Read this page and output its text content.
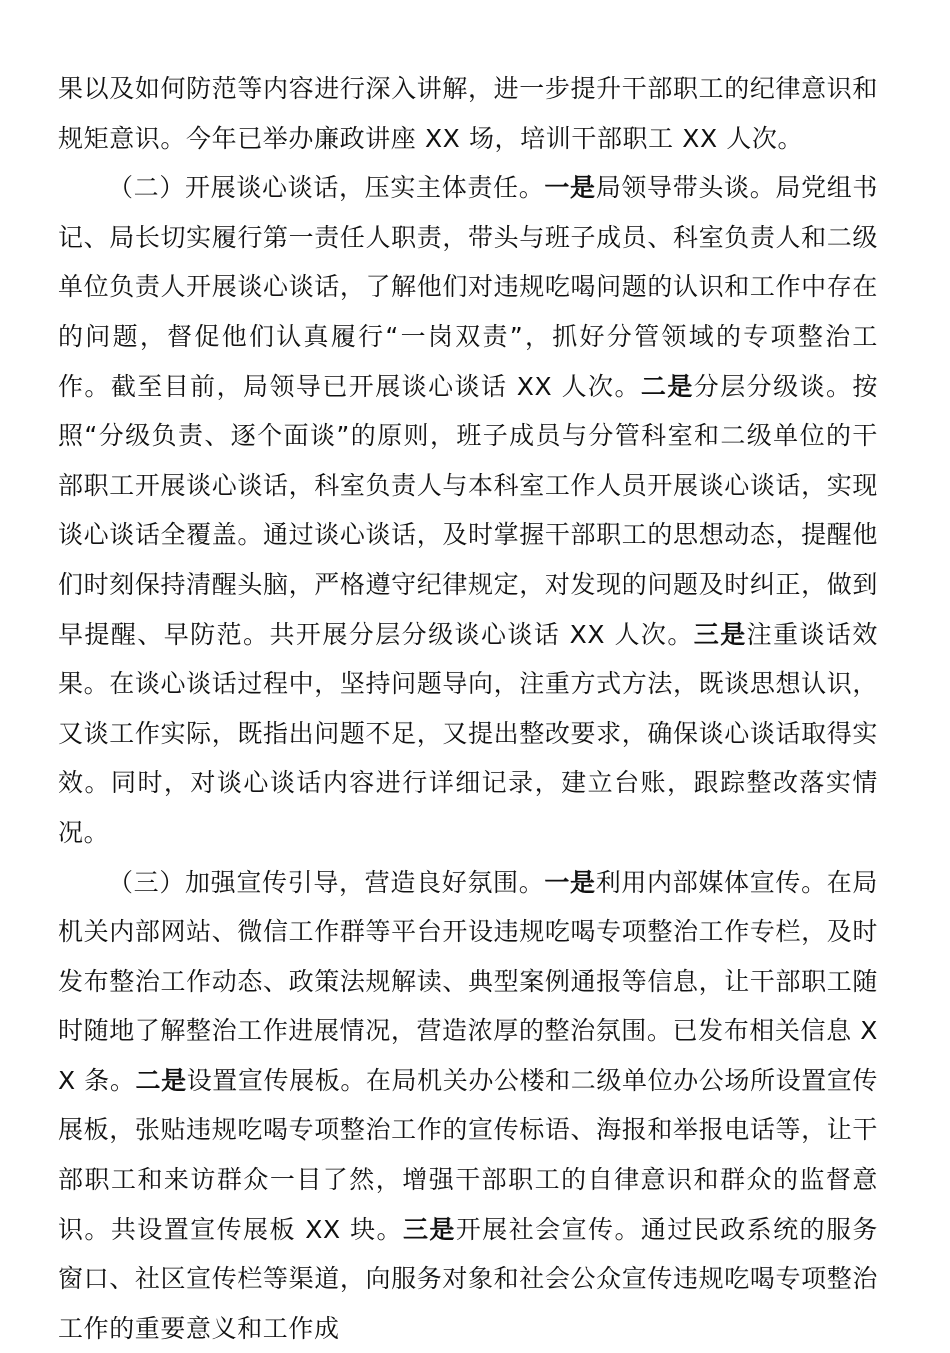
果以及如何防范等内容进行深入讲解，进一步提升干部职工的纪律意识和规矩意识。今年已举办廉政讲座 XX 场，培训干部职工 XX 人次。

（二）开展谈心谈话，压实主体责任。一是局领导带头谈。局党组书记、局长切实履行第一责任人职责，带头与班子成员、科室负责人和二级单位负责人开展谈心谈话，了解他们对违规吃喝问题的认识和工作中存在的问题，督促他们认真履行“一岗双责”，抓好分管领域的专项整治工作。截至目前，局领导已开展谈心谈话 XX 人次。二是分层分级谈。按照“分级负责、逐个面谈”的原则，班子成员与分管科室和二级单位的干部职工开展谈心谈话，科室负责人与本科室工作人员开展谈心谈话，实现谈心谈话全覆盖。通过谈心谈话，及时掌握干部职工的思想动态，提醒他们时刻保持清醒头脑，严格遵守纪律规定，对发现的问题及时纠正，做到早提醒、早防范。共开展分层分级谈心谈话 XX 人次。三是注重谈话效果。在谈心谈话过程中，坚持问题导向，注重方式方法，既谈思想认识，又谈工作实际，既指出问题不足，又提出整改要求，确保谈心谈话取得实效。同时，对谈心谈话内容进行详细记录，建立台账，跟踪整改落实情况。

（三）加强宣传引导，营造良好氛围。一是利用内部媒体宣传。在局机关内部网站、微信工作群等平台开设违规吃喝专项整治工作专栏，及时发布整治工作动态、政策法规解读、典型案例通报等信息，让干部职工随时随地了解整治工作进展情况，营造浓厚的整治氛围。已发布相关信息 XX 条。二是设置宣传展板。在局机关办公楼和二级单位办公场所设置宣传展板，张贴违规吃喝专项整治工作的宣传标语、海报和举报电话等，让干部职工和来访群众一目了然，增强干部职工的自律意识和群众的监督意识。共设置宣传展板 XX 块。三是开展社会宣传。通过民政系统的服务窗口、社区宣传栏等渠道，向服务对象和社会公众宣传违规吃喝专项整治工作的重要意义和工作成
